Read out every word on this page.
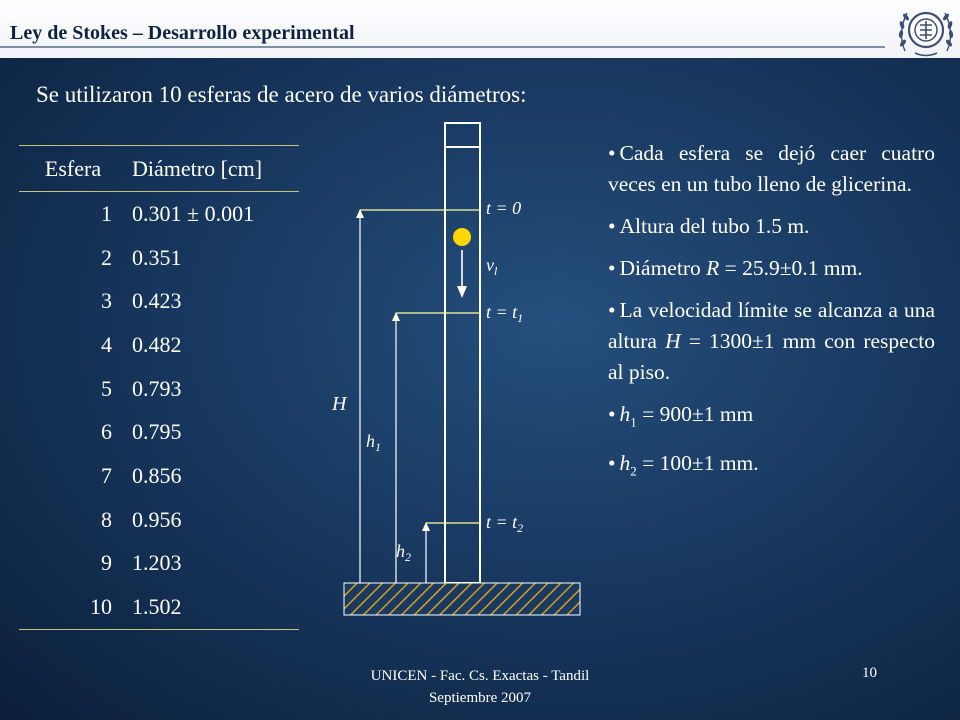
Ley de Stokes – Desarrollo experimental
Se utilizaron 10 esferas de acero de varios diámetros:
Esfera	Diámetro [cm]
1	0.301 ± 0.001
2	0.351
3	0.423
4	0.482
5	0.793
6	0.795
7	0.856
8	0.956
9	1.203
10	1.502
t = 0
$v_l$
$t = t_1$
$t = t_2$
H
$h_1$
$h_2$
• Cada esfera se dejó caer cuatro veces en un tubo lleno de glicerina.
• Altura del tubo 1.5 m.
• Diámetro R = 25.9±0.1 mm.
• La velocidad límite se alcanza a una altura H = 1300±1 mm con respecto al piso.
• $h_1 = 900\pm 1$ mm
• $h_2 = 100\pm 1$ mm.
UNICEN - Fac. Cs. Exactas - Tandil
Septiembre 2007
10
